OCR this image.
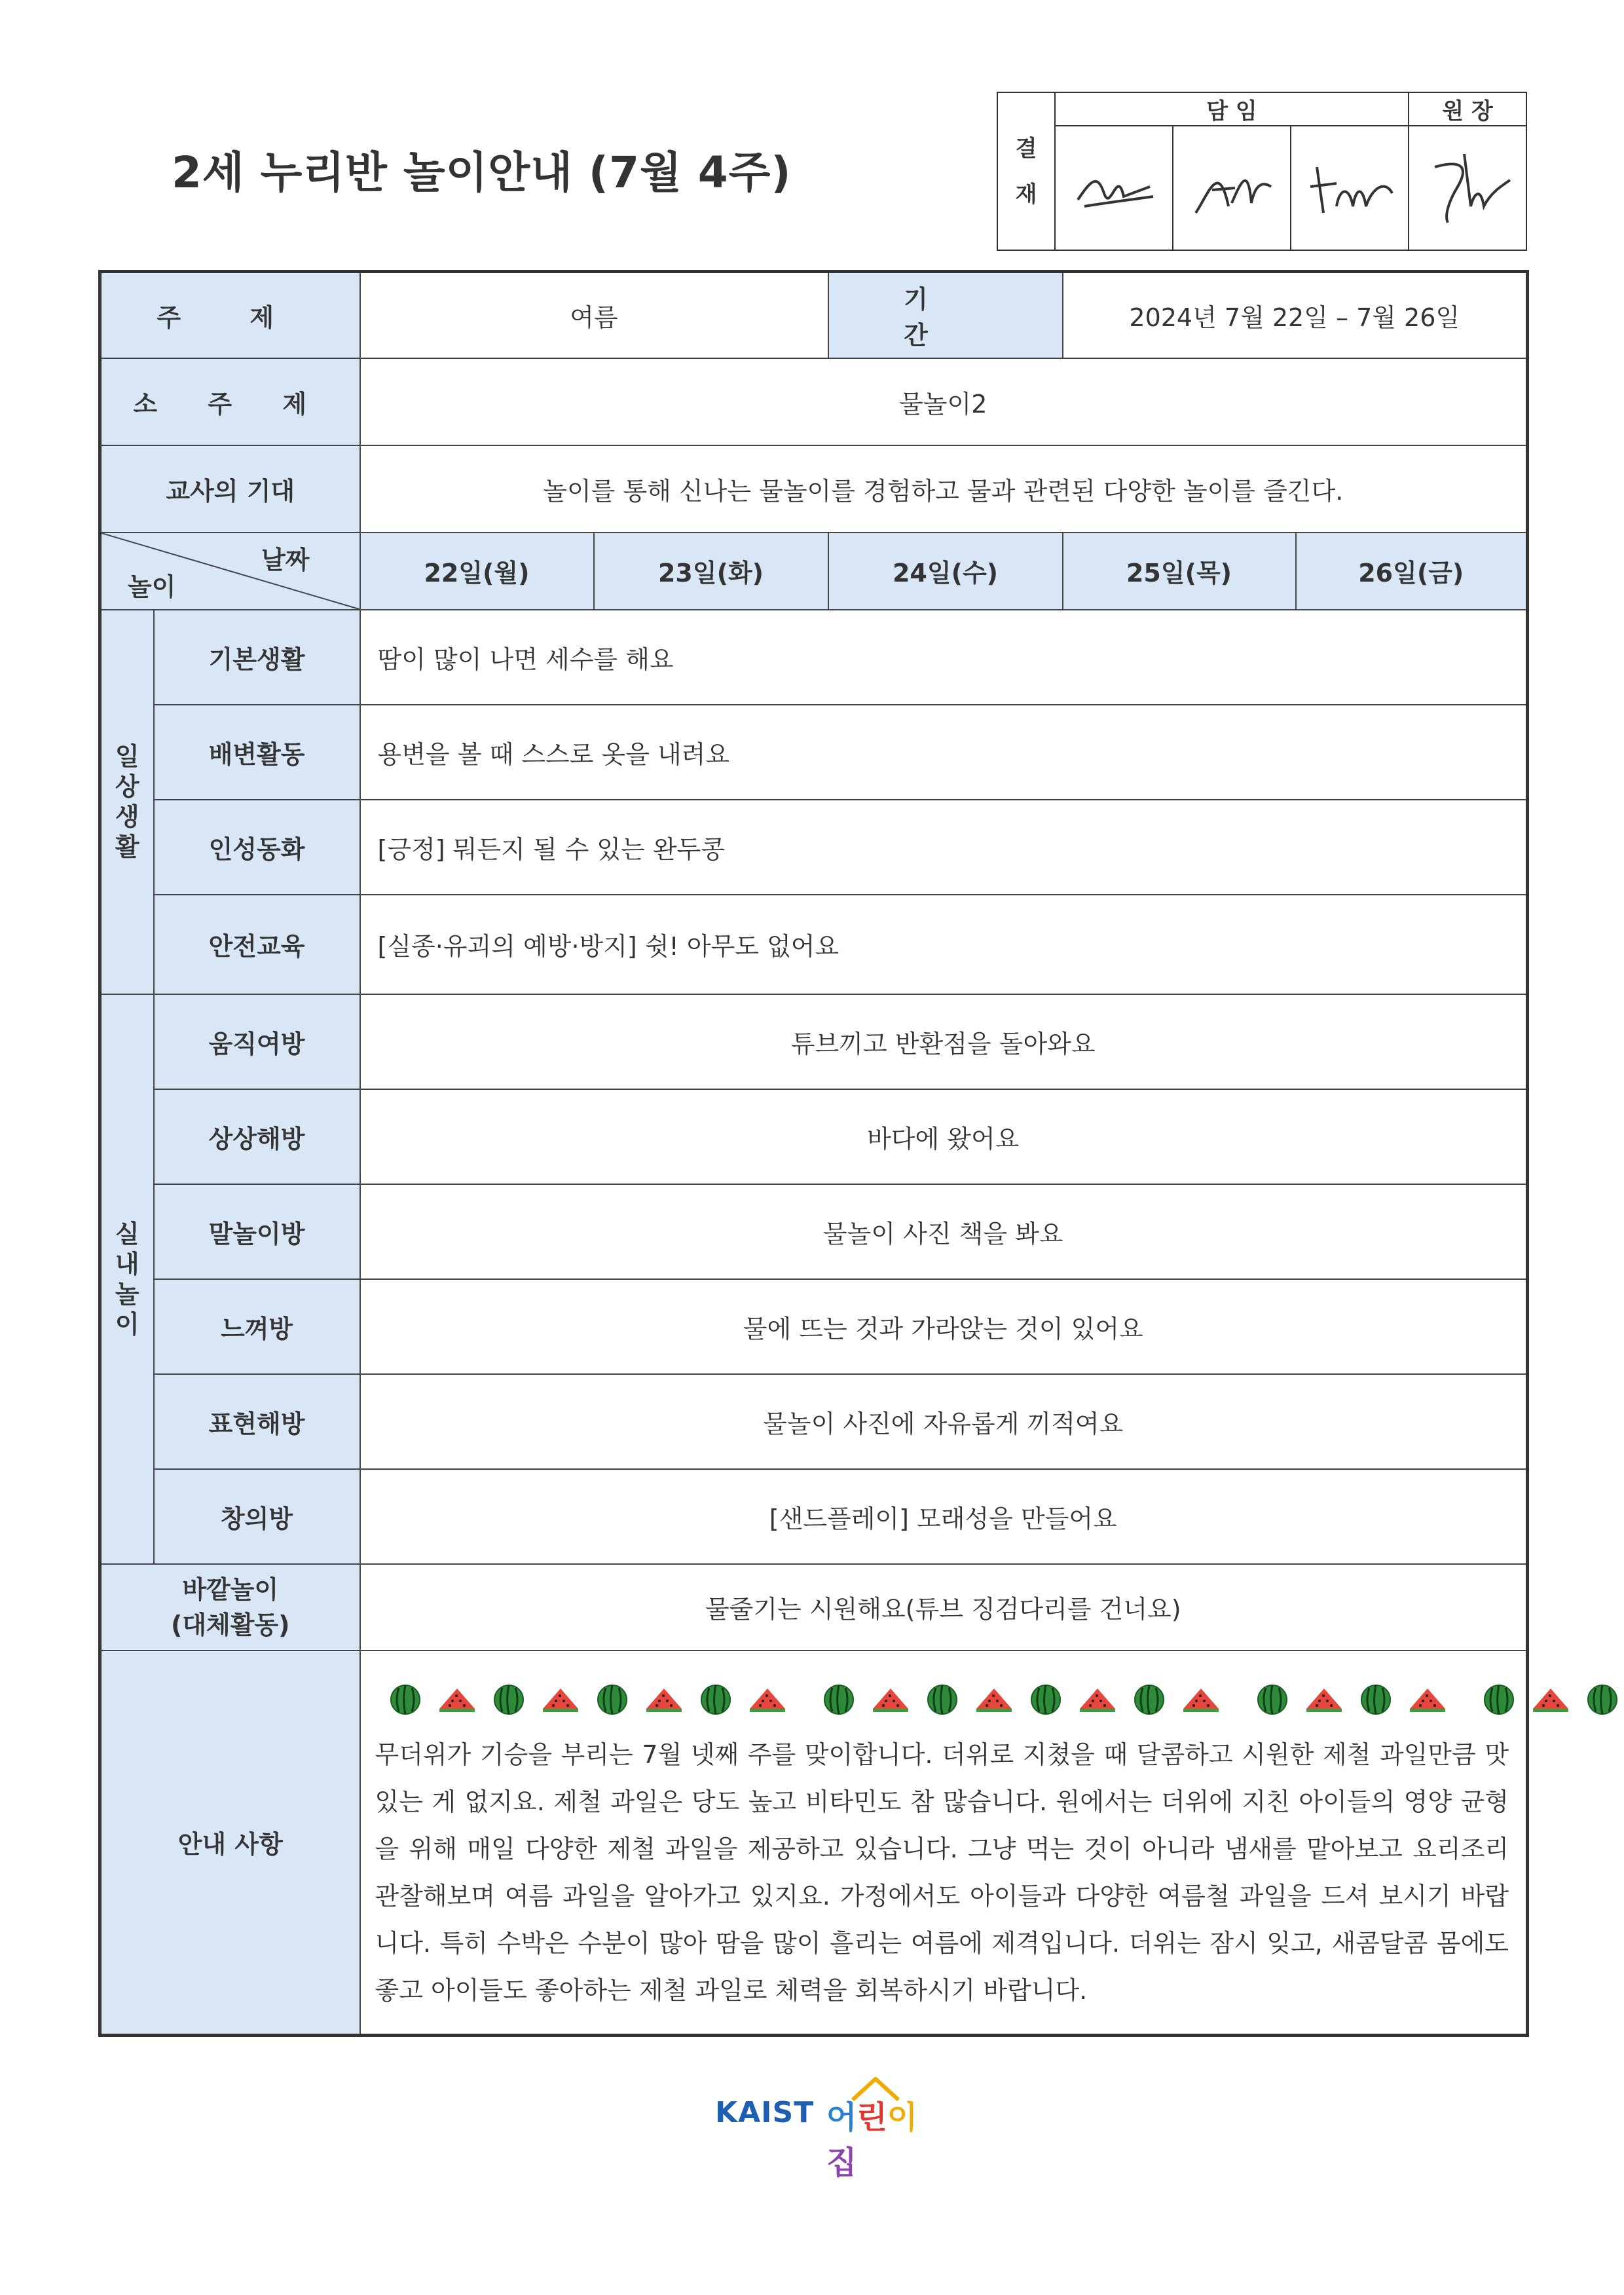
2세 누리반 놀이안내 (7월 4주)	결
재	담 임			원 장

주 제		여름		기 간	2024년 7월 22일 – 7월 26일	
소 주 제		물놀이2				
교사의 기대		놀이를 통해 신나는 물놀이를 경험하고 물과 관련된 다양한 놀이를 즐긴다.				

날짜
놀이		22일(월)	23일(화)	24일(수)	25일(목)	26일(금)
일
상
생
활	기본생활	땀이 많이 나면 세수를 해요				
	배변활동	용변을 볼 때 스스로 옷을 내려요				
	인성동화	[긍정] 뭐든지 될 수 있는 완두콩				
	안전교육	[실종·유괴의 예방·방지] 쉿! 아무도 없어요				
실
내
놀
이	움직여방	튜브끼고 반환점을 돌아와요				
	상상해방	바다에 왔어요				
	말놀이방	물놀이 사진 책을 봐요				
	느껴방	물에 뜨는 것과 가라앉는 것이 있어요				
	표현해방	물놀이 사진에 자유롭게 끼적여요				
	창의방	[샌드플레이] 모래성을 만들어요				

바깥놀이
(대체활동)		물줄기는 시원해요(튜브 징검다리를 건너요)				
안내 사항		무더위가 기승을 부리는 7월 넷째 주를 맞이합니다. 더위로 지쳤을 때 달콤하고 시원한 제철 과일만큼 맛있는 게 없지요. 제철 과일은 당도 높고 비타민도 참 많습니다. 원에서는 더위에 지친 아이들의 영양 균형을 위해 매일 다양한 제철 과일을 제공하고 있습니다. 그냥 먹는 것이 아니라 냄새를 맡아보고 요리조리 관찰해보며 여름 과일을 알아가고 있지요. 가정에서도 아이들과 다양한 여름철 과일을 드셔 보시기 바랍니다. 특히 수박은 수분이 많아 땀을 많이 흘리는 여름에 제격입니다. 더위는 잠시 잊고, 새콤달콤 몸에도 좋고 아이들도 좋아하는 제철 과일로 체력을 회복하시기 바랍니다.				
KAIST 어린이집
